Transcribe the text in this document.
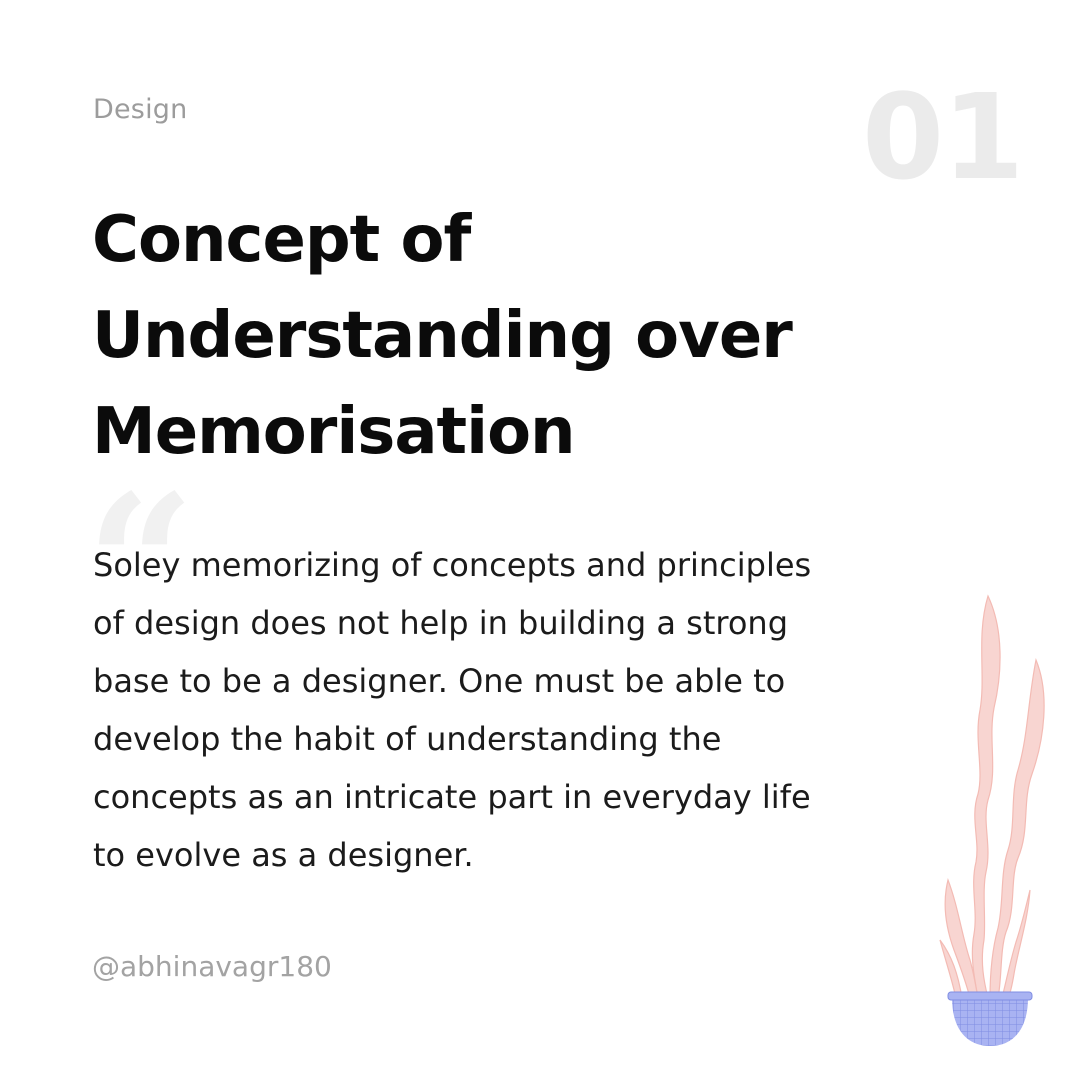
Design	01
Concept of
Understanding over
Memorisation
“

Soley memorizing of concepts and principles
of design does not help in building a strong
base to be a designer. One must be able to
develop the habit of understanding the
concepts as an intricate part in everyday life
to evolve as a designer.

@abhinavagr180
